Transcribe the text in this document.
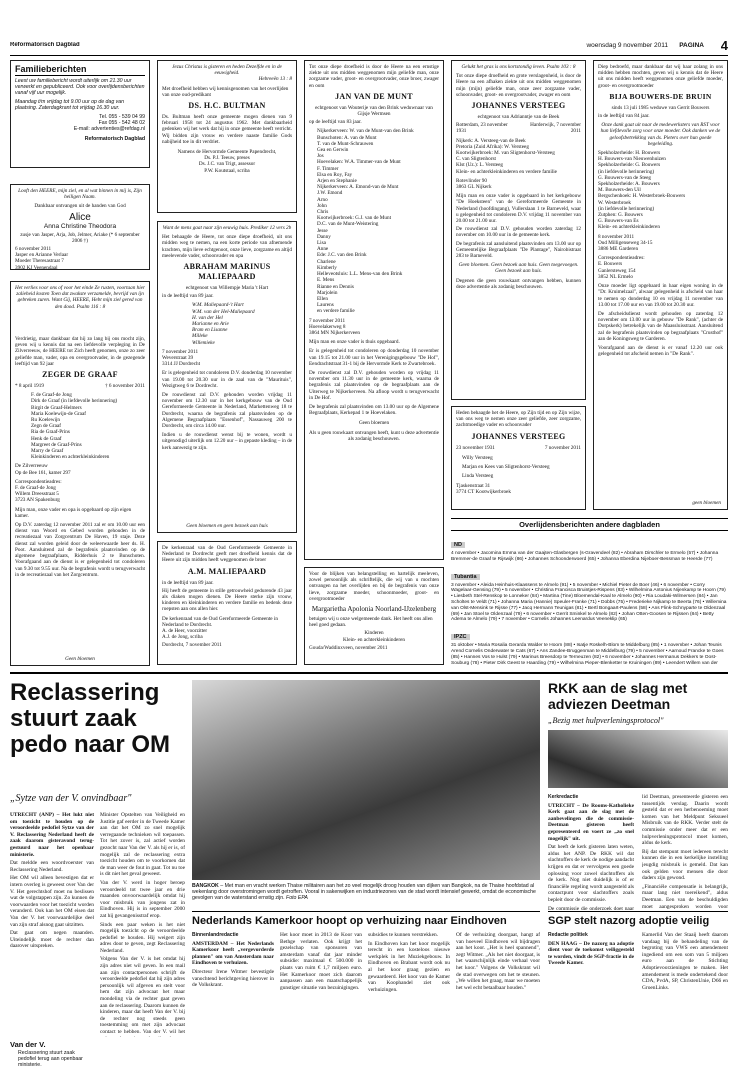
Reformatorisch Dagblad	woensdag 9 november 2011 PAGINA 4
Familieberichten
Leest uw familiebericht wordt uiterlijk om 21.30 uur verwerkt en gepubliceerd. Ook voor overlijdensberichten vanaf vijf uur mogelijk.
Maandag t/m vrijdag tot 9.00 uur op de dag van plaatsing. Zaterdagkrant tot vrijdag 16.30 uur.
Tel. 055 - 539 04 99
Fax 055 - 542 48 02
E-mail: advertenties@refdag.nl
Reformatorisch Dagblad
Looft den HEERE, mijn ziel, en al wat binnen in mij is, Zijn heiligen Naam.
Dankbaar ontvangen uit de handen van God
Alice
Anna Christine Theodora
zusje van Jasper, Arja, Job, Jelmer, Ariake (* 6 september 2006 †)
6 november 2011
Jasper en Arianne Verlaar
Moeder Theresastraat 7
3902 KJ Veenendaal
Het verlies voor ons of voor het einde Ze rusten, voortaan hier zalieheid kosten Toen dat zwakste verzamelde, bevrijd van ijn gebreken zuren. Want Gij, HEERE, Hebt mijn ziel gered van den dood. Psalm 116 : 8
Verdrietig, maar dankbaar dat hij zo lang bij ons mocht zijn, geven wij u kennis dat na een liefdevolle verpleging in De Zilverreeuw, de HEERE tot Zich heeft genomen, onze zo zeer geliefde man, vader, opa en overgrootvader, in de gezegende leeftijd van 92 jaar
ZEGER DE GRAAF
* 8 april 1919	† 6 november 2011
F. de Graaf-de Jong
Dirk de Graaf (in liefdevolle herinnering)
Birgit de Graaf-Helmers
Maria Koelewijn-de Graaf
Ru Koelewijn
Zegn de Graaf
Ria de Graaf-Prins
Henk de Graaf
Margreet de Graaf-Prins
Marry de Graaf
Kleinkinderen en achterkleinkinderen
De Zilverreeuw
Op de Bee 161, kamer 297
Correspondentieadres:
F. de Graaf-de Jong
Willem Dreesstraat 5
3723 AN Spakenburg
Mijn man, onze vader en opa is opgebaard op zijn eigen kamer.
Op D.V. zaterdag 12 november 2011 zal er om 10.00 uur een dienst van Woord en Gebed worden gehouden in de recreatiezaal van Zorgcentrum De Haven, 19 staje. Deze dienst zal worden geleid door de weleerwaarde heer ds. H. Poot. Aansluitend zal de begrafenis plaatsvinden op de algemene begraafplaats, Ridderhuis 2 te Bunschoten. Voorafgaand aan de dienst is er gelegenheid tot condoleren van 9.30 tot 9.55 uur. Na de begrafenis wordt u terugverwacht in de recreatiezaal van het Zorgcentrum.
Geen bloemen
Jezus Christus is gisteren en heden Dezelfde en in de eeuwigheid.
Hebreeën 13 : 8
Met droefheid hebben wij kennisgenomen van het overlijden van onze oud-predikant
DS. H.C. BULTMAN
Ds. Bultman heeft onze gemeente mogen dienen van 9 februari 1958 tot 24 augustus 1962. Met dankbaarheid gedenken wij het werk dat hij in onze gemeente heeft verricht. Wij bidden zijn vrouw en verdere naaste familie Gods nabijheid toe in dit verdriet.
Namens de Hervormde Gemeente Papendrecht,
Ds. P.J. Teeuw, preses
Ds. J.C. van Trigt, assessor
P.W. Koutstaal, scriba
Want de mens gaat naar zijn eeuwig huis. Prediker 12 vers 2b
Het behaagde de Heere, tot onze diepe droefheid, uit ons midden weg te nemen, na een korte periode van afnemende krachten, mijn lieve echtgenoot, onze lieve, zorgzame en altijd meelevende vader, schoonvader en opa
ABRAHAM MARINUS MALIEPAARD
echtgenoot van Willempje Maria 't Hart
in de leeftijd van 89 jaar.
W.M. Maliepaard-'t Hart
W.M. van der Hel-Maliepaard
H. van der Hel
Marianne en Arie
Bram en Lisanne
Milleke
Willemieke
7 november 2011
Weverstraat 39
3314 JJ Dordrecht
Er is gelegenheid tot condoleren D.V. donderdag 10 november van 19.00 tot 20.30 uur in de zaal van de "Maurituis", Wezigtweg 6 te Dordrecht.
De rouwdienst zal D.V. gehouden worden vrijdag 11 november om 12.30 uur in het kerkgebouw van de Oud Gereformeerde Gemeente in Nederland, Markettenweg 18 te Dordrecht, waarna de begrafenis zal plaatsvinden op de Algemene Begraafplaats "Essenhof", Nassauweg 200 te Dordrecht, om circa 14.00 uur.
Indien u de rouwdienst wenst bij te wonen, wordt u uitgenodigd uiterlijk om 12.20 uur – in gepaste kleding – in de kerk aanwezig te zijn.
Geen bloemen en geen bezoek aan huis
De kerkenraad van de Oud Gereformeerde Gemeente in Nederland te Dordrecht geeft met droefheid kennis dat de Heere uit zijn midden heeft weggenomen de broer
A.M. MALIEPAARD
in de leeftijd van 89 jaar.
Hij heeft de gemeente in stille getrouwheid gedurende 43 jaar als diaken mogen dienen. De Heere sterke zijn vrouw, kinderen en kleinkinderen en verdere familie en bedenk deze roepsten aan ons allen hier.
De kerkenraad van de Oud Gereformeerde Gemeente in Nederland te Dordrecht.
A. de Heer, voorzitter
A.J. de Jong, scriba
Dordrecht, 7 november 2011
Tot onze diepe droefheid is door de Heere na een ernstige ziekte uit ons midden weggenomen mijn geliefde man, onze zorgzame vader, groot- en overgrootvader, onze broer, zwager en oom
JAN VAN DE MUNT
echtgenoot van Wouterije van den Brink weduwnaar van Gijsje Wermsen
op de leeftijd van 83 jaar.
Nijkerkerveen: W. van de Munt-van den Brink
Bunschoten: A. van de Munt
T. van de Munt-Schrauwen
Gea en Gerwin
Jos
Hoevelaken: W.A. Timmer-van de Munt
F. Timmer
Elsa en Roy, Fay
Arjen en Stephanie
Nijkerkerveen: A. Emond-van de Munt
J.W. Emond
Arno
John
Chris
Kootwijkerbroek: G.J. van de Munt
D.C. van de Munt-Weistering
Jesse
Danny
Lisa
Anne
Ede: J.C. van den Brink
Charlene
Kimberly
Helleveotsluis: L.L. Mens-van den Brink
E. Mens
Rianne en Dennis
Marjolein
Ellen
Laurens
en verdere familie
7 november 2011
Hoevelakerweg 8
3864 MN Nijkerkerveen
Mijn man en onze vader is thuis opgebaard.
Er is gelegenheid tot condoleren op donderdag 10 november van 19.15 tot 21.00 uur in het Verenigingsgebouw "De Hof", Eendrachtstraat 31-1 bij de Hervormde Kerk te Zwartebroek.
De rouwdienst zal D.V. gehouden worden op vrijdag 11 november om 11.30 uur in de gemeente kerk, waarna de begrafenis zal plaatsvinden op de begraafplaats aan de Uiterweg te Nijkerkerveen. Na afloop wordt u terugverwacht in De Hof.
De begrafenis zal plaatsvinden om 13.00 uur op de Algemene Begraafplaats, Kerkepad 1 te Hoevelaken.
Geen bloemen
Als u geen rouwkaart ontvangen heeft, kunt u deze advertentie als zodanig beschouwen.
Voor de blijken van belangstelling en hartelijk meeleven, zowel persoonlijk als schriftelijk, die wij van u mochten ontvangen na het overlijden en bij de begrafenis van onze lieve, zorgzame moeder, schoonmoeder, groot- en overgrootmoeder
Margarietha Apolonia Noorland-IJzelenberg
betuigen wij u onze welgemeende dank. Het heeft ons allen heel goed gedaan.
Kinderen
Klein- en achterkleinkinderen
Gouda/Waddinxveen, november 2011
Gelukt het gras is ons kortstondig leven. Psalm 103 : 8
Tot onze diepe droefheid en grote verslagenheid, is door de Heere na een afhaken ziekte uit ons midden weggenomen mijn (mijn) geliefde man, onze zeer zorgzame vader, schoonvader, groot- en overgrootvader, zwager en oom
JOHANNES VERSTEEG
echtgenoot van Adrianntje van de Beek
Rotterdam, 23 november 1931
Harderwijk, 7 november 2011
Nijkerk: A. Versteeg-van de Beek
Pretoria (Zuid Afrika): W. Versteeg
Kootwijkerbroek: M. van Sligtenhorst-Versteeg
C. van Sligtenhorst
Klst (Uz.): L. Versteeg
Klein- en achterkleinkinderen en verdere familie
Rotevlinder 90
3863 GL Nijkerk
Mijn man en onze vader is opgebaard in het kerkgebouw "De Hoeksteen" van de Gereformeerde Gemeente in Nederland (hoofdingang), Vullerslaan 1 te Barneveld, waar u gelegenheid tot condoleren D.V. vrijdag 11 november van 20.00 tot 21.00 uur.
De rouwdienst zal D.V. gehouden worden zaterdag 12 november om 10.00 uur in de gemeente kerk.
De begrafenis zal aansluitend plaatsvinden om 13.00 uur op Gemeentelijke Begraafplaats "De Plantage", Nairobistraat 283 te Barneveld.
Geen bloemen. Geen bezoek aan huis. Geen toegevoegen. Geen bezoek aan huis.
Degenen die geen rouwkaart ontvangen hebben, kunnen deze advertentie als zodanig beschouwen.
Heden behaagde het de Heere, op Zijn tijd en op Zijn wijze, van ons weg te nemen onze zeer geliefde, zeer zorgzame, zachtmoedige vader en schoonvader
JOHANNES VERSTEEG
23 november 1931	7 november 2011
Willy Versteeg
Marjan en Kees van Sligtenhorst-Versteeg
Linda Versteeg
Tjaskenstraat 31
3774 CT Kootwijkerbroek
Diep bedroefd, maar dankbaar dat wij haar zolang in ons midden hebben mochten, geven wij u kennis dat de Heere uit ons midden heeft weggenomen onze geliefde moeder, groot- en overgrootmoeder
BIJA BOUWERS-DE BRUIN
sinds 13 juli 1985 weduwe van Gerrit Bouwers
in de leeftijd van 84 jaar.
Onze dank gaat uit naar de medewerksters van RST voor hun liefdevolle zorg voor onze moeder. Ook danken we de geloofsbetrekking van ds. Pieters over hun goede begeleiding.
Spekholzerheide: H. Bouwers
H. Bouwers-van Nieuwenhuizen
Spekholzerheide: G. Bouwers
(in liefdevolle herinnering)
G. Bouwers-van de Steeg
Spekholzerheide: A. Bouwers
M. Bouwers-den Uil
Bergschenhoek: H. Westerbroek-Bouwers
W. Westerbroek
(in liefdevolle herinnering)
Zutphen: G. Bouwers
G. Bouwers-van Es
Klein- en achterkleinkinderen
8 november 2011
Oud Milligenseweg 34-15
3886 ME Garderen
Correspondentieadres:
E. Bouwers
Ganlersteweg 154
3852 NL Ermelo
Onze moeder ligt opgebaard in haar eigen woning in de "Dr. Kruimelzaal", alwaar gelegenheid is afscheid van haar te nemen op donderdag 10 en vrijdag 11 november van 13.00 tot 17.00 uur en van 19.00 tot 20.30 uur.
De afscheidsdienst wordt gehouden op zaterdag 12 november om 13.00 uur in gebouw "De Rank", (achter de Dorpskerk) betrekelijk van de Maassluisstraat. Aansluitend zal de begrafenis plaatsvinden op begraafplaats "Crusthof" aan de Koningsweg te Garderen.
Voorafgaand aan de dienst is er vanaf 12.20 uur ook gelegenheid tot afscheid nemen in "De Rank".
geen bloemen
Overlijdensberichten andere dagbladen
ND
4 november • Jacomina Emma van der Gaajten-Glasbergen (s-Gravendeel (82) • Abraham Dirschler te Ermelo (57) • Johanna Bremmer-de Graaf te Rijswijk (86) • Johannes Schoonderwoerd (65) • Johanna Eberdina Nijeboer-Bessman te Heerde (77)
Tubantia
3 november • Aleida Heinhuis-Klaassens te Almelo (91) • 5 november • Michiel Pieter de Boer (46) • 6 november • Corry Wagelaar-Gensing (79) • 5 november • Christina Francisca Bruintjes-Rispens (83) • Wilhelmina Antonius Nijenkamp te Hoorn (79) • Liesbeth Stel-Renskop te Lonneker (84) • Martina (Tine) Bloemendal-Kaal te Almelo (90) • Ria Loudaki-Wilmersen (84) • Jan Scholtes te Veldt (71) • Johanna Maria (Hannie) Speuler-Franke (71) • Dobbs (75) • Frederieke Nijkamp te Beerta (76) • Willemina van Olst-Mensink te Rijsse (77) • Jacq Hermann Teunigas (81) • Bertl Bongaart-Paulens (58) • Ans Flink-Schnyparte te Oldenzaal (69) • Jan Stoel te Oldenzaal (79) • 6 november • Gerrit Sminkel te Almelo (82) • Johan Otten-Goosen te Rijssen (84) • Betty Adema te Almelo (79) • 7 november • Cornelis Johannes Leenardus Veeneklip (65)
IPZC
31 oktober • Maria Rosalia Gerarda Walder te Hoorn (88) • Isatje Roskelh-Blom te Middelburg (85) • 1 november • Johan Teunis Arend Cornelis Onderwater te Cats (67) • Ans Zandee-Bruggenman te Middelburg (79) • 5 november • Aarnoud Francke te Goes (85) • Hannes Vos te Hulst (79) • Marinus Breesdorp te Terneuzen (82) • 6 november • Johannes Hermanus Dekkers te Oost-Souburg (78) • Pieter Dirk Geest te Haarding (79) • Wilhelmina Pieper-Blenketter te Kruiningen (89) • Leendert Willem van der
Reclassering stuurt zaak pedo naar OM
„Sytze van der V. onvindbaar"

UTRECHT (ANP) – Het lukt niet om toezicht te houden op de veroordeelde pedofiel Sytze van der V. Reclassering Nederland heeft de zaak daarom gisteravond terug-gestuurd naar het openbaar ministerie.

Dat meldde een woordvoerster van Reclassering Nederland.

Het OM wil alleen bevestigen dat er intern overleg is geweest over Van der V. Het gerechtshof moet nu beslissen wat de volgstappen zijn. Zo kunnen de voorwaarden voor het toezicht worden veranderd. Ook kan het OM eisen dat Van der V. het voorwaardelijke deel van zijn straf alsnog gaat uitzitten.

Dat gaat om negen maanden. Uiteindelijk moet de rechter dan daarover uitspreken.

Minister Opstelten van Veiligheid en Justitie gaf eerder in de Tweede Kamer aan dat het OM zo snel mogelijk verregaande technieken wil toepassen. Tot het zover is, zal actief worden gezocht naar Van der V. als hij er is, of mogelijk zal de reclassering extra toezicht houden om te voorkomen dat de man weer de fout in gaat. Tot nu toe is dit niet het geval geweest.

Van der V. werd in hoger beroep veroordeeld tot twee jaar en drie maanden onvoorwaardelijk omdat hij voor misbruik van jongens zat in Eindhoven. Hij is in september 2000 zat hij gevangenisstraf erop.

Sinds een paar weken is het niet mogelijk toezicht op de veroordeelde pedofiel te houden. Hij weigert zijn adres door te geven, zegt Reclassering Nederland.

Volgens Van der V. is het omdat hij zijn adres niet wil geven. In een mail aan zijn contactpersonen schrijft de veroordeelde pedofiel dat hij zijn adres persoonlijk wil afgeven en stelt voor hem dat zijn advocaat het maar mondeling via de rechter gaat geven aan de reclassering. Daarom kunnen de kinderen, maar dat heeft Van der V. bij de rechter nog steeds geen toestemming om met zijn advocaat contact te hebben. Van der V. wil het

Van der V.
• Reclassering stuurt zaak pedofiel terug aan openbaar ministerie.
BANGKOK – Met man en vracht werken Thaise militairen aan het zo veel mogelijk droog houden van dijken van Bangkok, na de Thaise hoofdstad al wekenlang door overstromingen wordt getroffen. Vooral in sakenwijken en industriezones van de stad wordt intensief gewerkt, omdat de economische gevolgen van de waterstand ernstig zijn. Foto EPA
RKK aan de slag met adviezen Deetman
„Bezig met hulpverleningsprotocol"

Kerkredactie

UTRECHT – De Rooms-Katholieke Kerk gaat aan de slag met de aanbevelingen die de commissie-Deetman gisteren heeft gepresenteerd en voert ze „zo snel mogelijk" uit.

Dat heeft de kerk gisteren laten weten, aldus het ANP. De RKK wil dat slachtoffers de kerk de nodige aandacht krijgen en dat er vervolgens een goede oplossing voor zowel slachtoffers als de kerk. Nog niet duidelijk is of er financiële regeling wordt aangesteld als contactpunt voor slachtoffers zoals bepleit door de commissie.

De commissie die onderzoek doet naar

lid Deetman, presenteerde gisteren een tussentijds verslag. Daarin wordt gesteld dat er een herbenoeming moet komen van het Meldpunt Seksueel Misbruik van de RKK. Verder stelt de commissie onder meer dat er een hulpverleningsprotocol moet komen, aldus de kerk.

Bij dat stempunt moet iedereen terecht kunnen die in een kerkelijke instelling jeugdig misbruik is gemeld. Dat kan ook gelden voor mensen die door daders zijn gewond.

„Financiële compensatie is belangrijk, maar lang niet toereikend", aldus Deetman. Een van de beschuldigden moet aangesproken worden voor

Nederlands Kamerkoor hoopt op verhuizing naar Eindhoven

Binnenlandredactie

AMSTERDAM – Het Nederlands Kamerkoor heeft „vergevorderde plannen" om van Amsterdam naar Eindhoven te verhuizen.

Directeur Irene Witmer bevestigde vanochtend berichtgeving hierover in de Volkskrant.

Het koor moet in 2013 de Koor van Bethge verlaten. Ook krijgt het gezelschap van sponsoren van amsterdam vanaf dat jaar minder subsidie: maximaal € 500.000 in plaats van ruim € 1,7 miljoen euro. Het Kamerkoor moet zich daarom aanpassen aan een maatschappelijk gunstiger situatie van bezuinigingen.

subsidies te kunnen verstrekken.

In Eindhoven kan het koor mogelijk terecht in een kosteloos nieuwe werkplek in het Muziekgebouw. In Eindhoven en Brabant wordt ook nu al het koor graag gezien en gewaardeerd. Het koor van de Kamer van Koophandel ziet ook verhuizingen.

Of de verhuizing doorgaat, hangt af van hoeveel Eindhoven wil bijdragen aan het koor. „Het is heel spannend", zegt Witmer. „Als het niet doorgaat, is het waarschijnlijk einde verhaal voor het koor." Volgens de Volkskrant wil de stad overwegen om het te steunen. „We willen het graag, maar we moeten het wel echt betaalbaar houden."

SGP stelt nazorg adoptie veilig

Redactie politiek

DEN HAAG – De nazorg na adoptie dient voor de toekomst veiliggesteld te worden, vindt de SGP-fractie in de Tweede Kamer.

Kamerlid Van der Staaij heeft daarom vandaag bij de behandeling van de begroting van VWS een amendement ingediend om een som van 5 miljoen euro aan de Stichting Adoptievoorzieningen te maken. Het amendement is mede ondertekend door CDA, PvdA, SP, ChristenUnie, D66 en GroenLinks.
